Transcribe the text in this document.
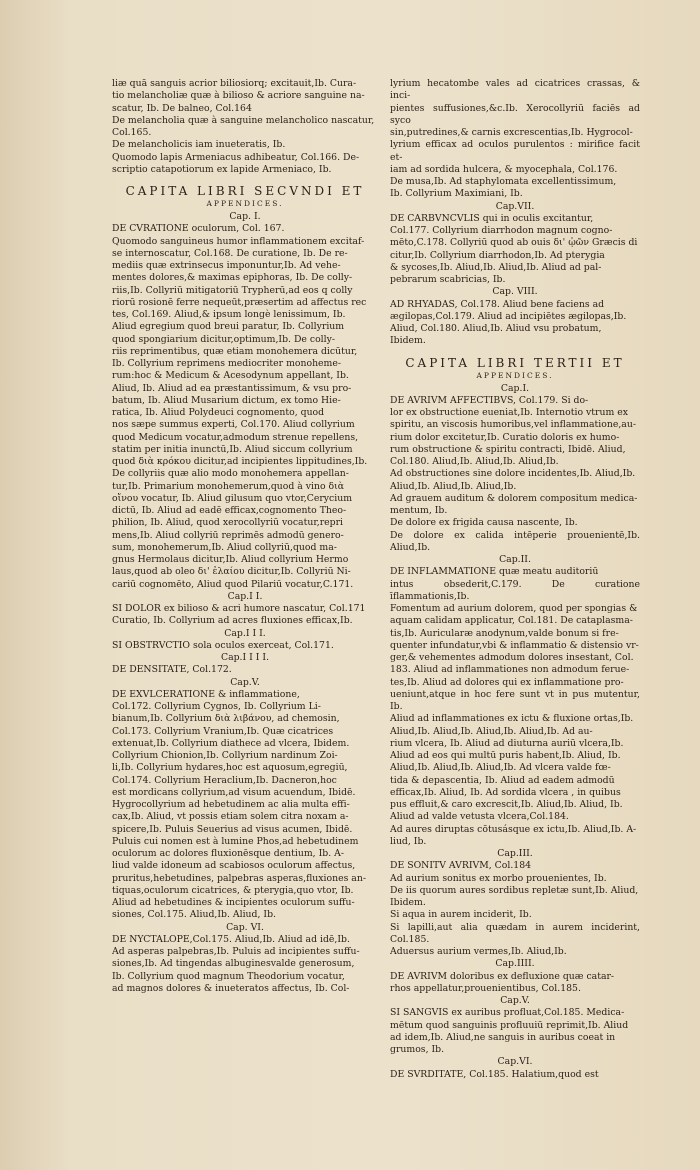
liæ quā sanguis acrior biliosiorq; excitauit,Ib. Cura-
tio melancholiæ quæ à bilioso & acriore sanguine na-
scatur, Ib. De balneo, Col.164
De melancholia quæ à sanguine melancholico nascatur,
Col.165.
De melancholicis iam inueteratis, Ib.
Quomodo lapis Armeniacus adhibeatur, Col.166. De-
scriptio catapotiorum ex lapide Armeniaco, Ib.
CAPITA LIBRI SECVNDI ET
APPENDICES.
Cap. I.
DE CVRATIONE oculorum, Col. 167.
Quomodo sanguineus humor inflammationem excitaf-
se internoscatur, Col.168. De curatione, Ib. De re-
mediis quæ extrinsecus imponuntur,Ib. Ad vehe-
mentes dolores,& maximas epiphoras, Ib. De colly-
riis,Ib. Collyriū mitigatoriū Trypherū,ad eos q colly
riorū rosionē ferre nequeūt,præsertim ad affectus rec
tes, Col.169. Aliud,& ipsum longè lenissimum, Ib.
Aliud egregium quod breui paratur, Ib. Collyrium
quod spongiarium dicitur,optimum,Ib. De colly-
riis reprimentibus, quæ etiam monohemera dicūtur,
Ib. Collyrium reprimens mediocriter monoheme-
rum:hoc & Medicum & Acesodynum appellant, Ib.
Aliud, Ib. Aliud ad ea præstantissimum, & vsu pro-
batum, Ib. Aliud Musarium dictum, ex tomo Hie-
ratica, Ib. Aliud Polydeuci cognomento, quod
nos sæpe summus experti, Col.170. Aliud collyrium
quod Medicum vocatur,admodum strenue repellens,
statim per initia inunctū,Ib. Aliud siccum collyrium
quod διὰ κρόκου dicitur,ad incipientes lippitudines,Ib.
De collyriis quæ alio modo monohemera appellan-
tur,Ib. Primarium monohemerum,quod à vino διὰ
οἴνου vocatur, Ib. Aliud gilusum quo vtor,Cerycium
dictū, Ib. Aliud ad eadē efficax,cognomento Theo-
philion, Ib. Aliud, quod xerocollyriū vocatur,repri
mens,Ib. Aliud collyriū reprimēs admodū genero-
sum, monohemerum,Ib. Aliud collyriū,quod ma-
gnus Hermolaus dicitur,Ib. Aliud collyrium Hermo
laus,quod ab oleo δι' ἐλαίου dicitur,Ib. Collyriū Ni-
cariū cognomēto, Aliud quod Pilariū vocatur,C.171.
Cap.I I.
SI DOLOR ex bilioso & acri humore nascatur, Col.171
Curatio, Ib. Collyrium ad acres fluxiones efficax,Ib.
Cap.I I I.
SI OBSTRVCTIO sola oculos exerceat, Col.171.
Cap.I I I I.
DE DENSITATE, Col.172.
Cap.V.
DE EXVLCERATIONE & inflammatione,
Col.172. Collyrium Cygnos, Ib. Collyrium Li-
bianum,Ib. Collyrium διὰ λιβάνου, ad chemosin,
Col.173. Collyrium Vranium,Ib. Quæ cicatrices
extenuat,Ib. Collyrium diathece ad vlcera, Ibidem.
Collyrium Chionion,Ib. Collyrium nardinum Zoi-
li,Ib. Collyrium hydares,hoc est aquosum,egregiū,
Col.174. Collyrium Heraclium,Ib. Dacneron,hoc
est mordicans collyrium,ad visum acuendum, Ibidē.
Hygrocollyrium ad hebetudinem ac alia multa effi-
cax,Ib. Aliud, vt possis etiam solem citra noxam a-
spicere,Ib. Puluis Seuerius ad visus acumen, Ibidē.
Puluis cui nomen est à lumine Phos,ad hebetudinem
oculorum ac dolores fluxionēsque dentium, Ib. A-
liud valde idoneum ad scabiosos oculorum affectus,
pruritus,hebetudines, palpebras asperas,fluxiones an-
tiquas,oculorum cicatrices, & pterygia,quo vtor, Ib.
Aliud ad hebetudines & incipientes oculorum suffu-
siones, Col.175. Aliud,Ib. Aliud, Ib.
Cap. VI.
DE NYCTALOPE,Col.175. Aliud,Ib. Aliud ad idē,Ib.
Ad asperas palpebras,Ib. Puluis ad incipientes suffu-
siones,Ib. Ad tingendas albuginesvalde generosum,
Ib. Collyrium quod magnum Theodorium vocatur,
ad magnos dolores & inueteratos affectus, Ib. Col-
lyrium hecatombe vales ad cicatrices crassas, & inci-
pientes suffusiones,&c.Ib. Xerocollyriū faciēs ad syco
sin,putredines,& carnis excrescentias,Ib. Hygrocol-
lyrium efficax ad oculos purulentos : mirifice facit et-
iam ad sordida hulcera, & myocephala, Col.176.
De musa,Ib. Ad staphylomata excellentissimum,
Ib. Collyrium Maximiani, Ib.
Cap.VII.
DE CARBVNCVLIS qui in oculis excitantur,
Col.177. Collyrium diarrhodon magnum cogno-
mēto,C.178. Collyriū quod ab ouis δι' ᾠῶν Græcis di
citur,Ib. Collyrium diarrhodon,Ib. Ad pterygia
& sycoses,Ib. Aliud,Ib. Aliud,Ib. Aliud ad pal-
pebrarum scabricias, Ib.
Cap. VIII.
AD RHYADAS, Col.178. Aliud bene faciens ad
ægilopas,Col.179. Aliud ad incipiētes ægilopas,Ib.
Aliud, Col.180. Aliud,Ib. Aliud vsu probatum,
Ibidem.
CAPITA LIBRI TERTII ET
APPENDICES.
Cap.I.
DE AVRIVM AFFECTIBVS, Col.179. Si do-
lor ex obstructione eueniat,Ib. Internotio vtrum ex
spiritu, an viscosis humoribus,vel inflammatione,au-
rium dolor excitetur,Ib. Curatio doloris ex humo-
rum obstructione & spiritu contracti, Ibidē. Aliud,
Col.180. Aliud,Ib. Aliud,Ib. Aliud,Ib.
Ad obstructiones sine dolore incidentes,Ib. Aliud,Ib.
Aliud,Ib. Aliud,Ib. Aliud,Ib.
Ad grauem auditum & dolorem compositum medica-
mentum, Ib.
De dolore ex frigida causa nascente, Ib.
De dolore ex calida intēperie prouenientē,Ib. Aliud,Ib.
Cap.II.
DE INFLAMMATIONE quæ meatu auditoriū
intus obsederit,C.179. De curatione īflammationis,Ib.
Fomentum ad aurium dolorem, quod per spongias &
aquam calidam applicatur, Col.181. De cataplasma-
tis,Ib. Auricularæ anodynum,valde bonum si fre-
quenter infundatur,vbi & inflammatio & distensio vr-
ger,& vehementes admodum dolores insestant, Col.
183. Aliud ad inflammationes non admodum ferue-
tes,Ib. Aliud ad dolores qui ex inflammatione pro-
ueniunt,atque in hoc fere sunt vt in pus mutentur, Ib.
Aliud ad inflammationes ex ictu & fluxione ortas,Ib.
Aliud,Ib. Aliud,Ib. Aliud,Ib. Aliud,Ib. Ad au-
rium vlcera, Ib. Aliud ad diuturna auriū vlcera,Ib.
Aliud ad eos qui multū puris habent,Ib. Aliud, Ib.
Aliud,Ib. Aliud,Ib. Aliud,Ib. Ad vlcera valde fœ-
tida & depascentia, Ib. Aliud ad eadem admodū
efficax,Ib. Aliud, Ib. Ad sordida vlcera , in quibus
pus effluit,& caro excrescit,Ib. Aliud,Ib. Aliud, Ib.
Aliud ad valde vetusta vlcera,Col.184.
Ad aures diruptas cōtusásque ex ictu,Ib. Aliud,Ib. A-
liud, Ib.
Cap.III.
DE SONITV AVRIVM, Col.184
Ad aurium sonitus ex morbo prouenientes, Ib.
De iis quorum aures sordibus repletæ sunt,Ib. Aliud,
Ibidem.
Si aqua in aurem inciderit, Ib.
Si lapilli,aut alia quædam in aurem inciderint, Col.185.
Aduersus aurium vermes,Ib. Aliud,Ib.
Cap.IIII.
DE AVRIVM doloribus ex defluxione quæ catar-
rhos appellatur,prouenientibus, Col.185.
Cap.V.
SI SANGVIS ex auribus profluat,Col.185. Medica-
mētum quod sanguinis profluuiū reprimit,Ib. Aliud
ad idem,Ib. Aliud,ne sanguis in auribus coeat in
grumos, Ib.
Cap.VI.
DE SVRDITATE, Col.185. Halatium,quod est
